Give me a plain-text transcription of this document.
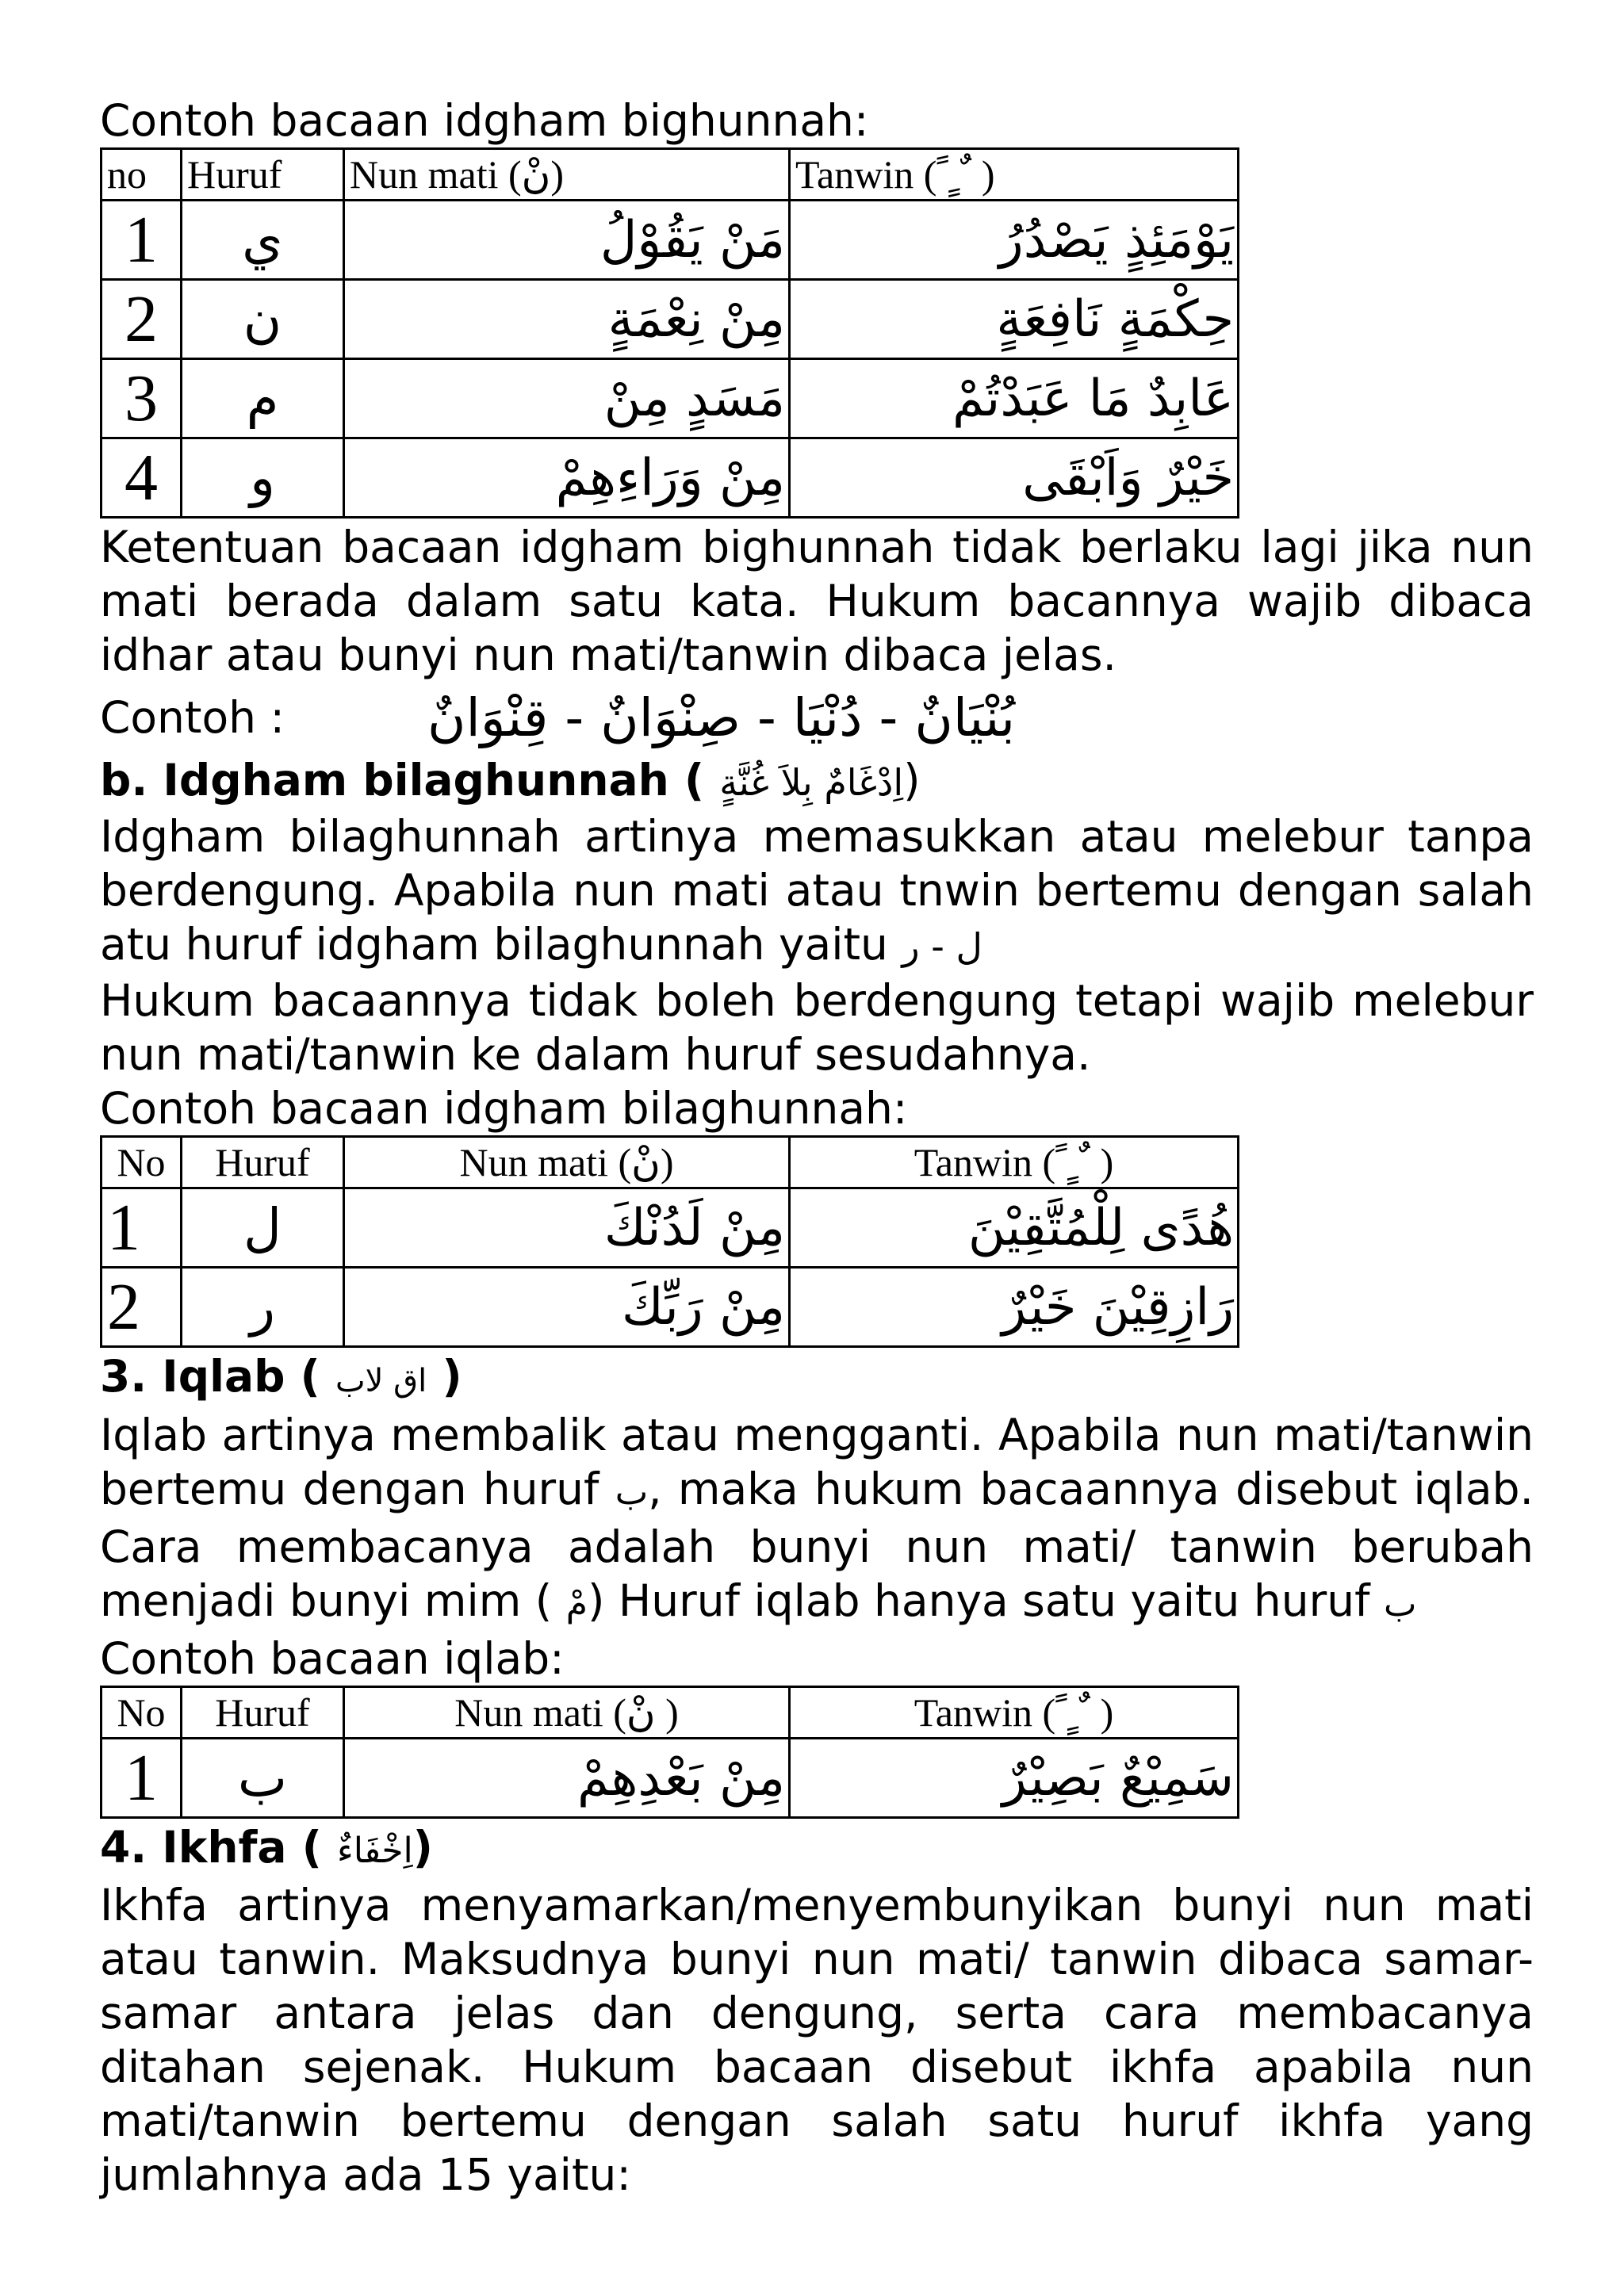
Contoh bacaan idgham bighunnah:

no	Huruf	Nun mati (نْ)	Tanwin ( ً ٍ ٌ )
1	ي	مَنْ يَقُوْلُ	يَوْمَئِذٍ يَصْدُرُ
2	ن	مِنْ نِعْمَةٍ	حِكْمَةٍ نَافِعَةٍ
3	م	مَسَدٍ مِنْ	عَابِدٌ مَا عَبَدْتُمْ
4	و	مِنْ وَرَاءِهِمْ	خَيْرٌ وَاَبْقَى

Ketentuan bacaan idgham bighunnah tidak berlaku lagi jika nun mati berada dalam satu kata. Hukum bacannya wajib dibaca idhar atau bunyi nun mati/tanwin dibaca jelas.

Contoh :	بُنْيَانٌ - دُنْيَا - صِنْوَانٌ - قِنْوَانٌ

b. Idgham bilaghunnah ( اِدْغَامٌ بِلاَ غُنَّةٍ)

Idgham bilaghunnah artinya memasukkan atau melebur tanpa berdengung. Apabila nun mati atau tnwin bertemu dengan salah atu huruf idgham bilaghunnah yaitu ل - ر

Hukum bacaannya tidak boleh berdengung tetapi wajib melebur nun mati/tanwin ke dalam huruf sesudahnya.

Contoh bacaan idgham bilaghunnah:

No	Huruf	Nun mati (نْ)	Tanwin ( ً ٍ ٌ )
1	ل	مِنْ لَدُنْكَ	هُدًى لِلْمُتَّقِيْنَ
2	ر	مِنْ رَبِّكَ	رَازِقِيْنَ خَيْرٌ

3. Iqlab ( اق لاب )

Iqlab artinya membalik atau mengganti. Apabila nun mati/tanwin bertemu dengan huruf ب, maka hukum bacaannya disebut iqlab. Cara membacanya adalah bunyi nun mati/ tanwin berubah menjadi bunyi mim ( مْ) Huruf iqlab hanya satu yaitu huruf ب

Contoh bacaan iqlab:

No	Huruf	Nun mati (نْ )	Tanwin ( ً ٍ ٌ )
1	ب	مِنْ بَعْدِهِمْ	سَمِيْعٌ بَصِيْرٌ

4. Ikhfa ( اِخْفَاءٌ)

Ikhfa artinya menyamarkan/menyembunyikan bunyi nun mati atau tanwin. Maksudnya bunyi nun mati/ tanwin dibaca samar-samar antara jelas dan dengung, serta cara membacanya ditahan sejenak. Hukum bacaan disebut ikhfa apabila nun mati/tanwin bertemu dengan salah satu huruf ikhfa yang jumlahnya ada 15 yaitu:
